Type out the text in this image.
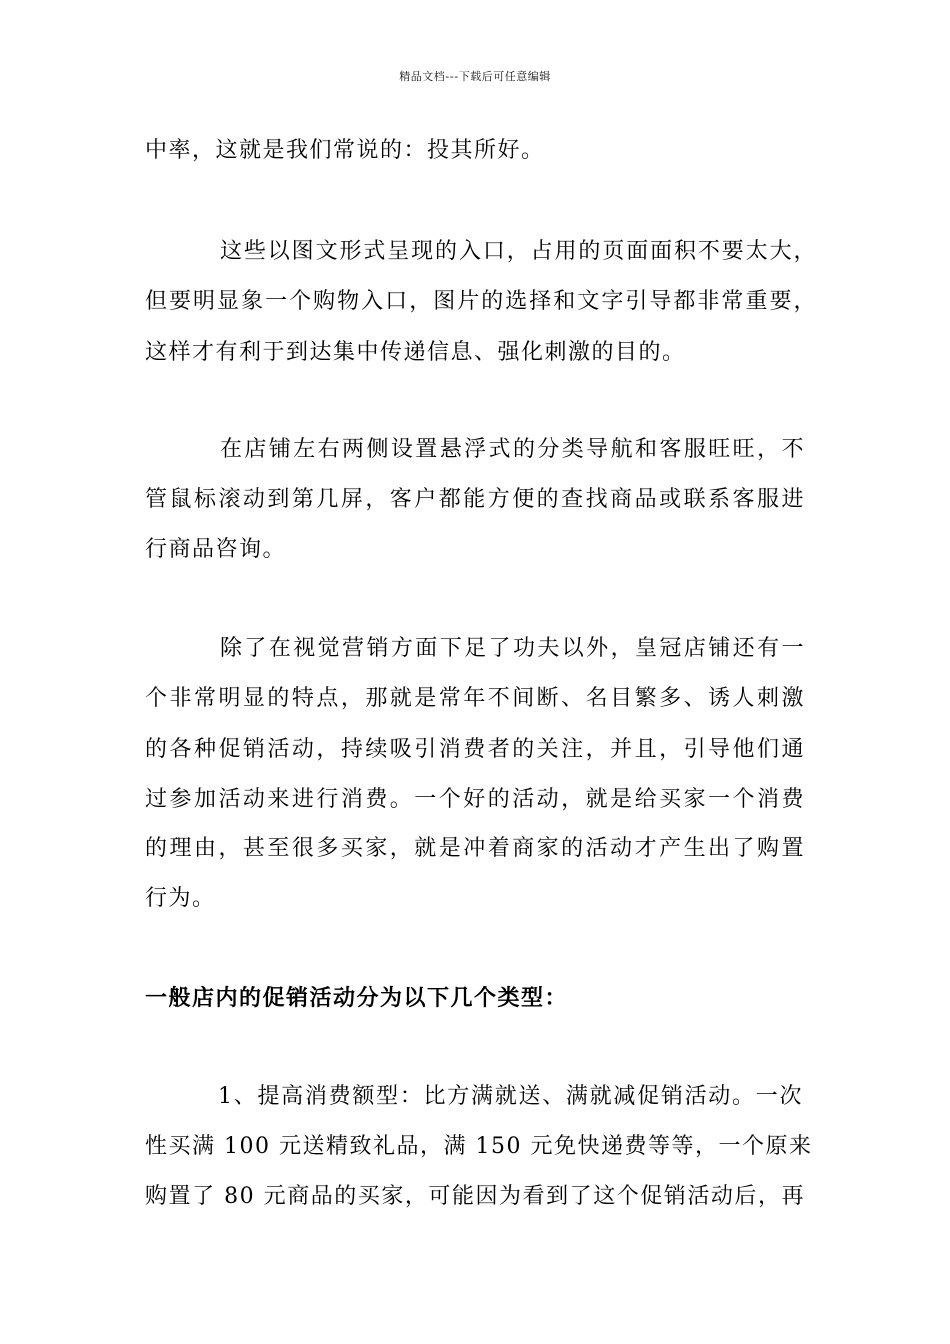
精品文档---下载后可任意编辑
中率，这就是我们常说的：投其所好。
这些以图文形式呈现的入口，占用的页面面积不要太大，
但要明显象一个购物入口，图片的选择和文字引导都非常重要，
这样才有利于到达集中传递信息、强化刺激的目的。
在店铺左右两侧设置悬浮式的分类导航和客服旺旺，不
管鼠标滚动到第几屏，客户都能方便的查找商品或联系客服进
行商品咨询。
除了在视觉营销方面下足了功夫以外，皇冠店铺还有一
个非常明显的特点，那就是常年不间断、名目繁多、诱人刺激
的各种促销活动，持续吸引消费者的关注，并且，引导他们通
过参加活动来进行消费。一个好的活动，就是给买家一个消费
的理由，甚至很多买家，就是冲着商家的活动才产生出了购置
行为。
一般店内的促销活动分为以下几个类型：
1、提高消费额型：比方满就送、满就减促销活动。一次
性买满 100 元送精致礼品，满 150 元免快递费等等，一个原来
购置了 80 元商品的买家，可能因为看到了这个促销活动后，再
